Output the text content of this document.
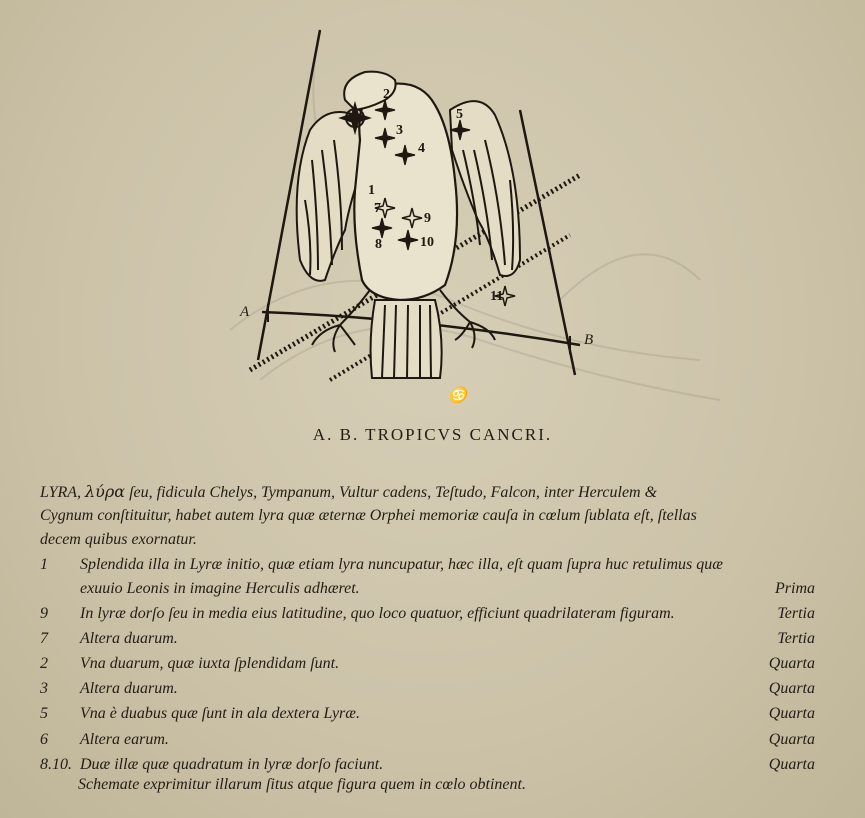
2
3
4
5
1
7
8
9
10
11
A
B
♋
A. B. TROPICVS CANCRI.
LYRA, λύρα ſeu, fidicula Chelys, Tympanum, Vultur cadens, Teſtudo, Falcon, inter Herculem &
Cygnum conſtituitur, habet autem lyra quæ æternæ Orphei memoriæ cauſa in cœlum ſublata eſt, ſtellas
decem quibus exornatur.
1 Splendida illa in Lyræ initio, quæ etiam lyra nuncupatur, hæc illa, eſt quam ſupra huc retulimus quæ
exuuio Leonis in imagine Herculis adhæret.	Prima
9 In lyræ dorſo ſeu in media eius latitudine, quo loco quatuor, efficiunt quadrilateram figuram.	Tertia
7 Altera duarum.	Tertia
2 Vna duarum, quæ iuxta ſplendidam ſunt.	Quarta
3 Altera duarum.	Quarta
5 Vna è duabus quæ ſunt in ala dextera Lyræ.	Quarta
6 Altera earum.	Quarta
8.10. Duæ illæ quæ quadratum in lyræ dorſo faciunt.	Quarta
Schemate exprimitur illarum ſitus atque figura quem in cœlo obtinent.
